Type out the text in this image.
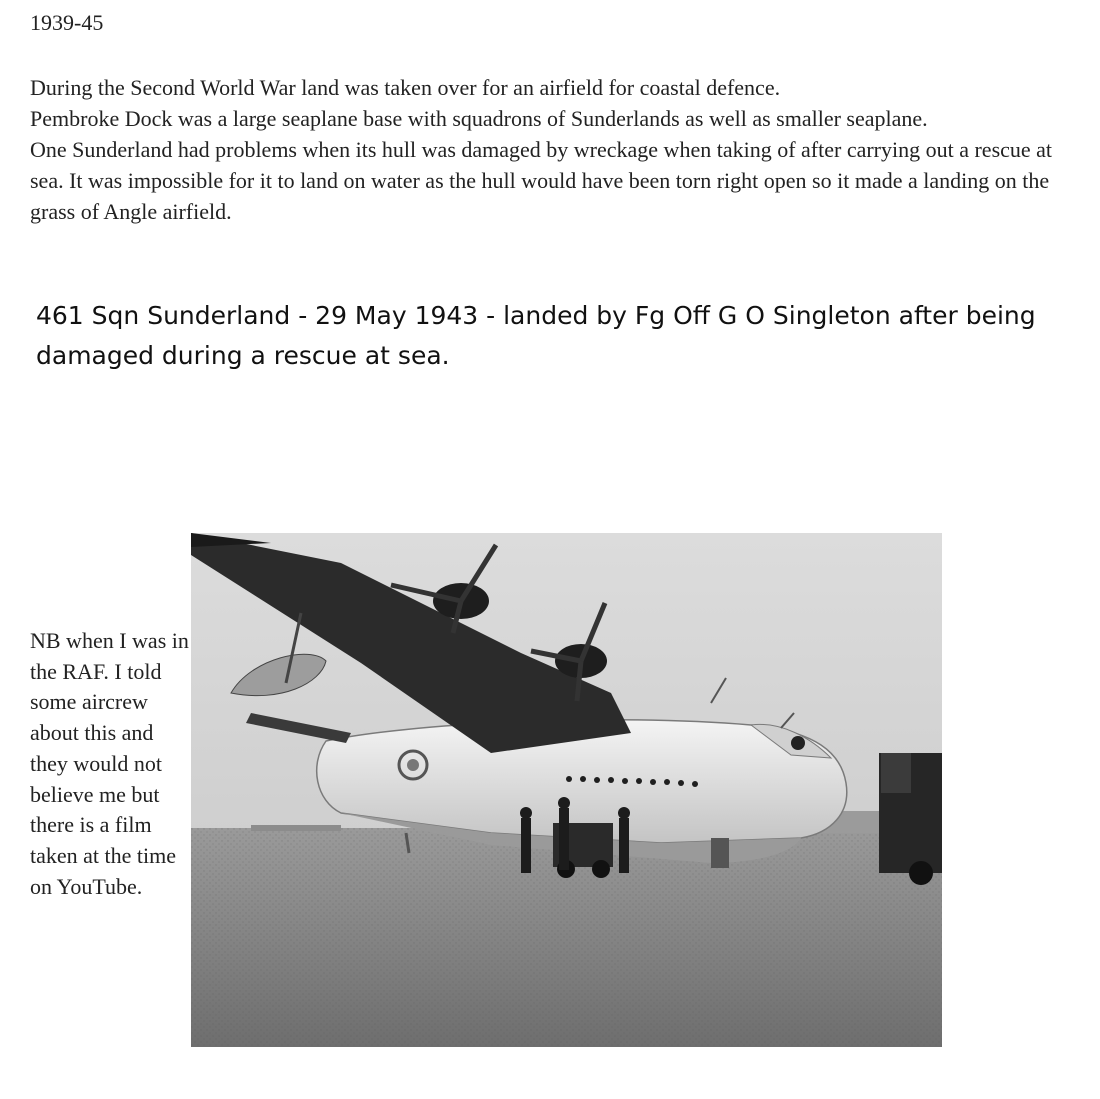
1939-45

During the Second World War land was taken over for an airfield for coastal defence.

Pembroke Dock was a large seaplane base with squadrons of Sunderlands as well as smaller seaplane.

One Sunderland had problems when its hull was damaged by wreckage when taking of after carrying out a rescue at sea. It was impossible for it to land on water as the hull would have been torn right open so it made a landing on the grass of Angle airfield.

461 Sqn Sunderland - 29 May 1943 - landed by Fg Off G O Singleton after being damaged during a rescue at sea.
NB when I was in the RAF. I told some aircrew about this and they would not believe me but there is a film taken at the time on YouTube.
